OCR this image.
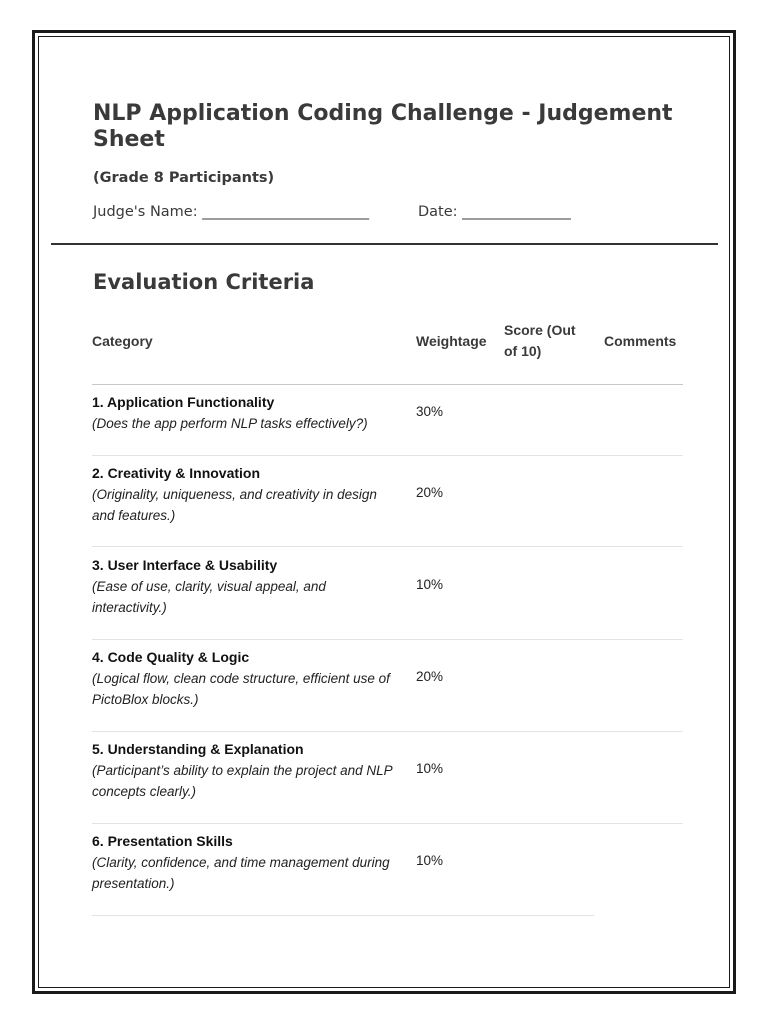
NLP Application Coding Challenge - Judgement Sheet
(Grade 8 Participants)
Judge's Name: _______________________	Date: _______________
Evaluation Criteria
Category	Weightage
Score (Out of 10)
Comments

1. Application Functionality

(Does the app perform NLP tasks effectively?)

30%

2. Creativity & Innovation

(Originality, uniqueness, and creativity in design and features.)

20%

3. User Interface & Usability

(Ease of use, clarity, visual appeal, and interactivity.)

10%

4. Code Quality & Logic

(Logical flow, clean code structure, efficient use of PictoBlox blocks.)

20%

5. Understanding & Explanation

(Participant’s ability to explain the project and NLP concepts clearly.)

10%

6. Presentation Skills

(Clarity, confidence, and time management during presentation.)

10%
